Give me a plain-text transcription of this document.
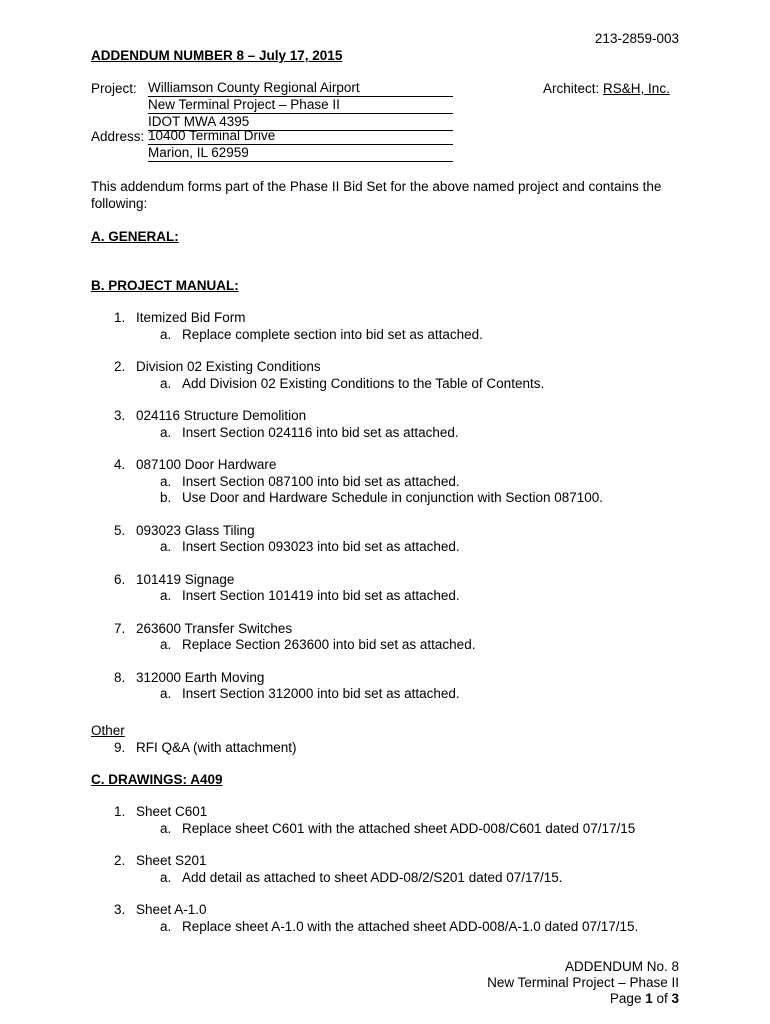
213-2859-003
ADDENDUM NUMBER 8 – July 17, 2015
Project: Williamson County Regional Airport
New Terminal Project – Phase II
IDOT MWA 4395
Address: 10400 Terminal Drive
Marion, IL 62959
Architect: RS&H, Inc.
This addendum forms part of the Phase II Bid Set for the above named project and contains the following:
A. GENERAL:
B. PROJECT MANUAL:
1. Itemized Bid Form
a. Replace complete section into bid set as attached.
2. Division 02 Existing Conditions
a. Add Division 02 Existing Conditions to the Table of Contents.
3. 024116 Structure Demolition
a. Insert Section 024116 into bid set as attached.
4. 087100 Door Hardware
a. Insert Section 087100 into bid set as attached.
b. Use Door and Hardware Schedule in conjunction with Section 087100.
5. 093023 Glass Tiling
a. Insert Section 093023 into bid set as attached.
6. 101419 Signage
a. Insert Section 101419 into bid set as attached.
7. 263600 Transfer Switches
a. Replace Section 263600 into bid set as attached.
8. 312000 Earth Moving
a. Insert Section 312000 into bid set as attached.
Other
9. RFI Q&A (with attachment)
C. DRAWINGS: A409
1. Sheet C601
a. Replace sheet C601 with the attached sheet ADD-008/C601 dated 07/17/15
2. Sheet S201
a. Add detail as attached to sheet ADD-08/2/S201 dated 07/17/15.
3. Sheet A-1.0
a. Replace sheet A-1.0 with the attached sheet ADD-008/A-1.0 dated 07/17/15.
ADDENDUM No. 8
New Terminal Project – Phase II
Page 1 of 3
